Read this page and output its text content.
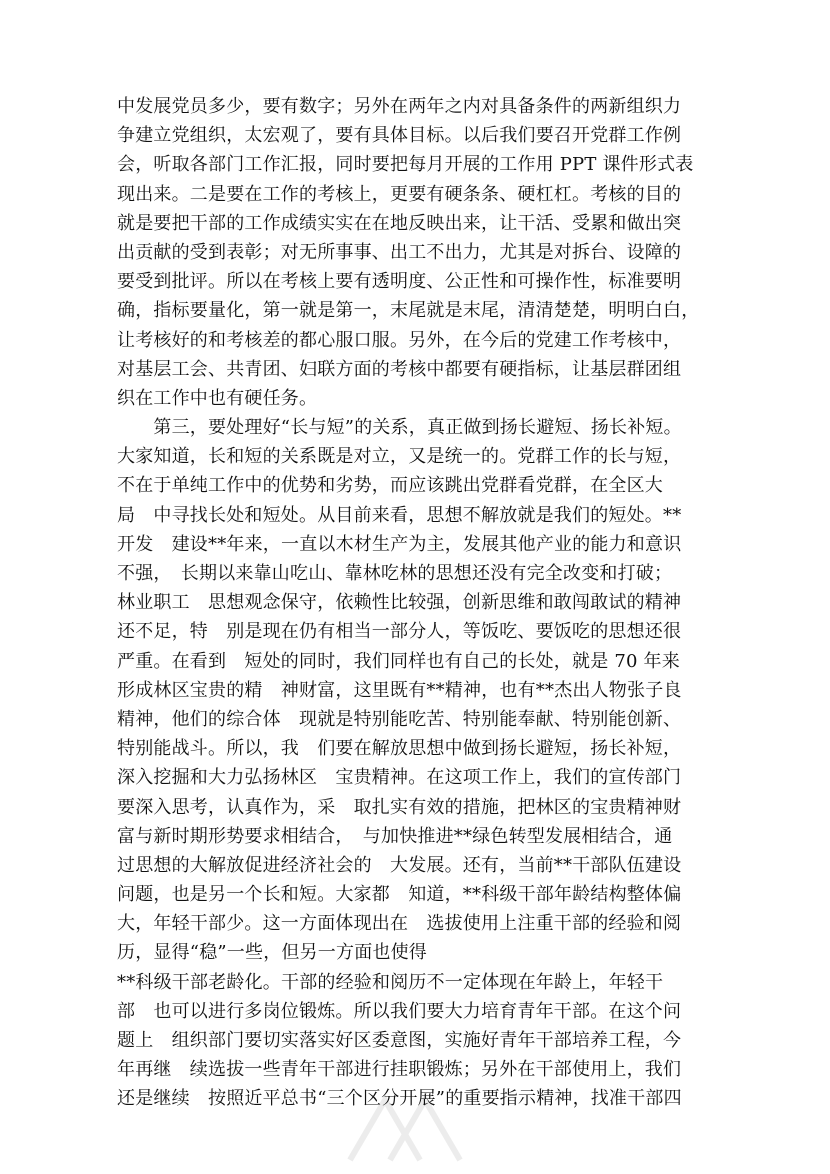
中发展党员多少，要有数字；另外在两年之内对具备条件的两新组织力
争建立党组织，太宏观了，要有具体目标。以后我们要召开党群工作例
会，听取各部门工作汇报，同时要把每月开展的工作用 PPT 课件形式表
现出来。二是要在工作的考核上，更要有硬条条、硬杠杠。考核的目的
就是要把干部的工作成绩实实在在地反映出来，让干活、受累和做出突
出贡献的受到表彰；对无所事事、出工不出力，尤其是对拆台、设障的
要受到批评。所以在考核上要有透明度、公正性和可操作性，标准要明
确，指标要量化，第一就是第一，末尾就是末尾，清清楚楚，明明白白，
让考核好的和考核差的都心服口服。另外，在今后的党建工作考核中，
对基层工会、共青团、妇联方面的考核中都要有硬指标，让基层群团组
织在工作中也有硬任务。
　　第三，要处理好“长与短”的关系，真正做到扬长避短、扬长补短。
大家知道，长和短的关系既是对立，又是统一的。党群工作的长与短，
不在于单纯工作中的优势和劣势，而应该跳出党群看党群，在全区大
局　中寻找长处和短处。从目前来看，思想不解放就是我们的短处。**
开发　建设**年来，一直以木材生产为主，发展其他产业的能力和意识
不强，　长期以来靠山吃山、靠林吃林的思想还没有完全改变和打破；
林业职工　思想观念保守，依赖性比较强，创新思维和敢闯敢试的精神
还不足，特　别是现在仍有相当一部分人，等饭吃、要饭吃的思想还很
严重。在看到　短处的同时，我们同样也有自己的长处，就是 70 年来
形成林区宝贵的精　神财富，这里既有**精神，也有**杰出人物张子良
精神，他们的综合体　现就是特别能吃苦、特别能奉献、特别能创新、
特别能战斗。所以，我　们要在解放思想中做到扬长避短，扬长补短，
深入挖掘和大力弘扬林区　宝贵精神。在这项工作上，我们的宣传部门
要深入思考，认真作为，采　取扎实有效的措施，把林区的宝贵精神财
富与新时期形势要求相结合，　与加快推进**绿色转型发展相结合，通
过思想的大解放促进经济社会的　大发展。还有，当前**干部队伍建设
问题，也是另一个长和短。大家都　知道，**科级干部年龄结构整体偏
大，年轻干部少。这一方面体现出在　选拔使用上注重干部的经验和阅
历，显得“稳”一些，但另一方面也使得
**科级干部老龄化。干部的经验和阅历不一定体现在年龄上，年轻干
部　也可以进行多岗位锻炼。所以我们要大力培育青年干部。在这个问
题上　组织部门要切实落实好区委意图，实施好青年干部培养工程，今
年再继　续选拔一些青年干部进行挂职锻炼；另外在干部使用上，我们
还是继续　按照近平总书“三个区分开展”的重要指示精神，找准干部四
